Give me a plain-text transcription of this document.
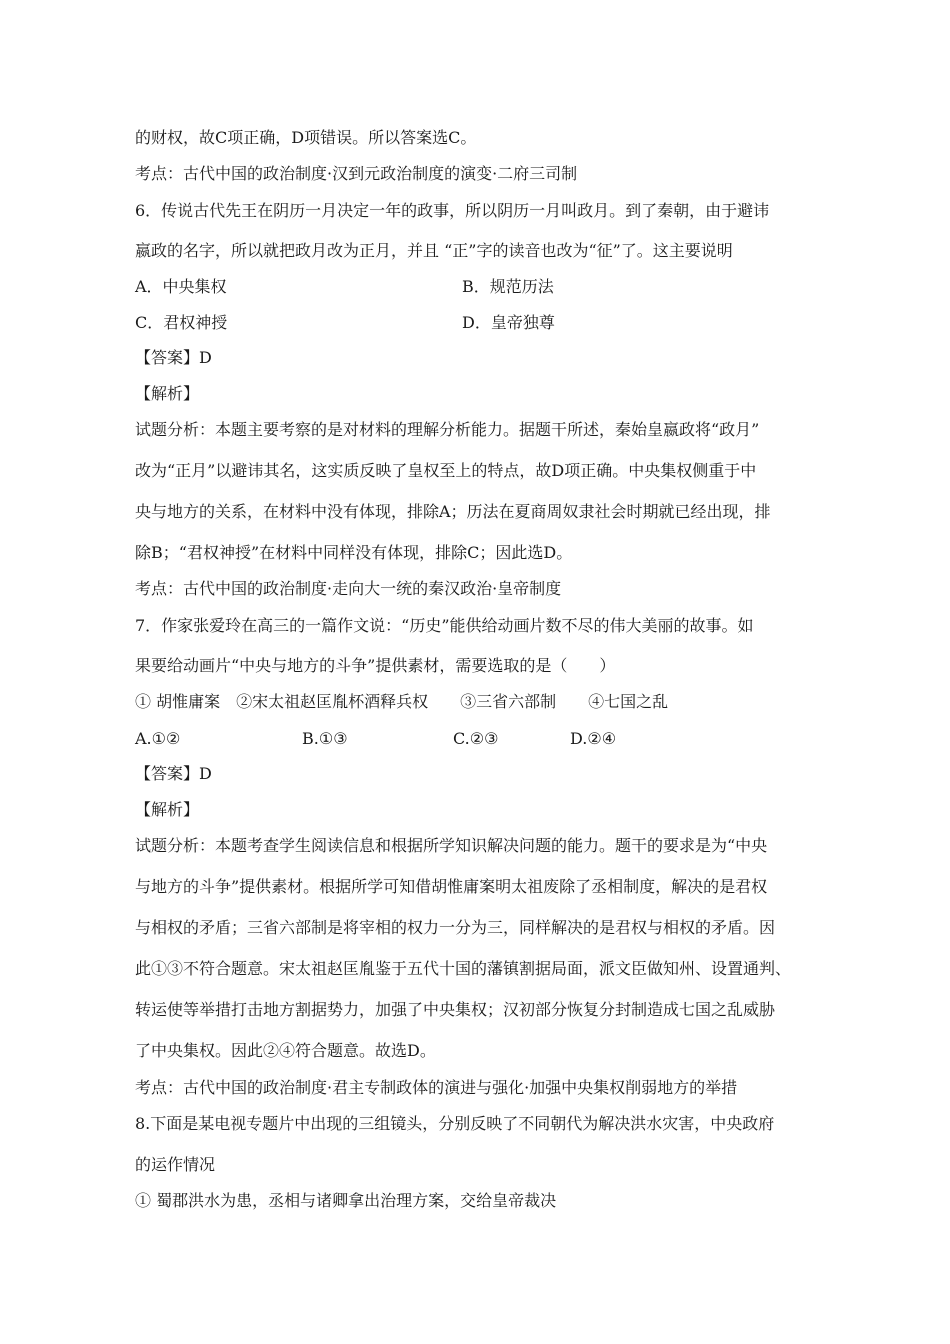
的财权，故C项正确，D项错误。所以答案选C。
考点：古代中国的政治制度·汉到元政治制度的演变·二府三司制
6．传说古代先王在阴历一月决定一年的政事，所以阴历一月叫政月。到了秦朝，由于避讳
嬴政的名字，所以就把政月改为正月，并且 “正”字的读音也改为“征”了。这主要说明
A．中央集权	B．规范历法
C．君权神授	D．皇帝独尊
【答案】D
【解析】
试题分析：本题主要考察的是对材料的理解分析能力。据题干所述，秦始皇嬴政将“政月”
改为“正月”以避讳其名，这实质反映了皇权至上的特点，故D项正确。中央集权侧重于中
央与地方的关系，在材料中没有体现，排除A；历法在夏商周奴隶社会时期就已经出现，排
除B；“君权神授”在材料中同样没有体现，排除C；因此选D。
考点：古代中国的政治制度·走向大一统的秦汉政治·皇帝制度
7．作家张爱玲在高三的一篇作文说：“历史”能供给动画片数不尽的伟大美丽的故事。如
果要给动画片“中央与地方的斗争”提供素材，需要选取的是（　　）
① 胡惟庸案　②宋太祖赵匡胤杯酒释兵权　　③三省六部制　　④七国之乱
A.①②	B.①③	C.②③	D.②④
【答案】D
【解析】
试题分析：本题考查学生阅读信息和根据所学知识解决问题的能力。题干的要求是为“中央
与地方的斗争”提供素材。根据所学可知借胡惟庸案明太祖废除了丞相制度，解决的是君权
与相权的矛盾；三省六部制是将宰相的权力一分为三，同样解决的是君权与相权的矛盾。因
此①③不符合题意。宋太祖赵匡胤鉴于五代十国的藩镇割据局面，派文臣做知州、设置通判、
转运使等举措打击地方割据势力，加强了中央集权；汉初部分恢复分封制造成七国之乱威胁
了中央集权。因此②④符合题意。故选D。
考点：古代中国的政治制度·君主专制政体的演进与强化·加强中央集权削弱地方的举措
8.下面是某电视专题片中出现的三组镜头，分别反映了不同朝代为解决洪水灾害，中央政府
的运作情况
① 蜀郡洪水为患，丞相与诸卿拿出治理方案，交给皇帝裁决
